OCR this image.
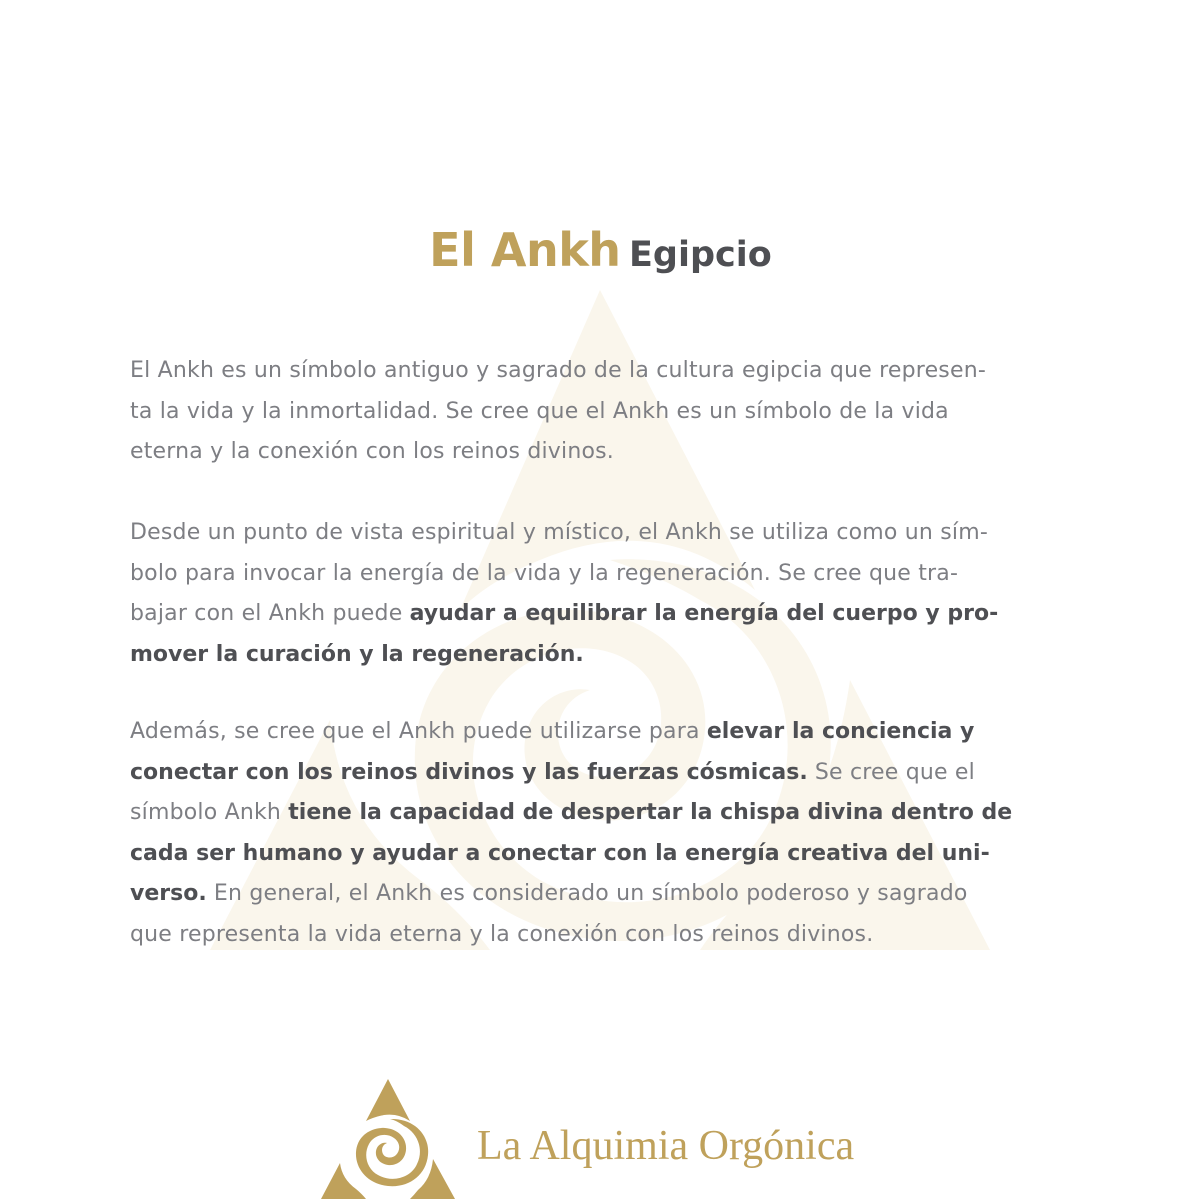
El Ankh Egipcio
El Ankh es un símbolo antiguo y sagrado de la cultura egipcia que represen-
ta la vida y la inmortalidad. Se cree que el Ankh es un símbolo de la vida
eterna y la conexión con los reinos divinos.
Desde un punto de vista espiritual y místico, el Ankh se utiliza como un sím-
bolo para invocar la energía de la vida y la regeneración. Se cree que tra-
bajar con el Ankh puede ayudar a equilibrar la energía del cuerpo y pro-
mover la curación y la regeneración.
Además, se cree que el Ankh puede utilizarse para elevar la conciencia y
conectar con los reinos divinos y las fuerzas cósmicas. Se cree que el
símbolo Ankh tiene la capacidad de despertar la chispa divina dentro de
cada ser humano y ayudar a conectar con la energía creativa del uni-
verso. En general, el Ankh es considerado un símbolo poderoso y sagrado
que representa la vida eterna y la conexión con los reinos divinos.
La Alquimia Orgónica
